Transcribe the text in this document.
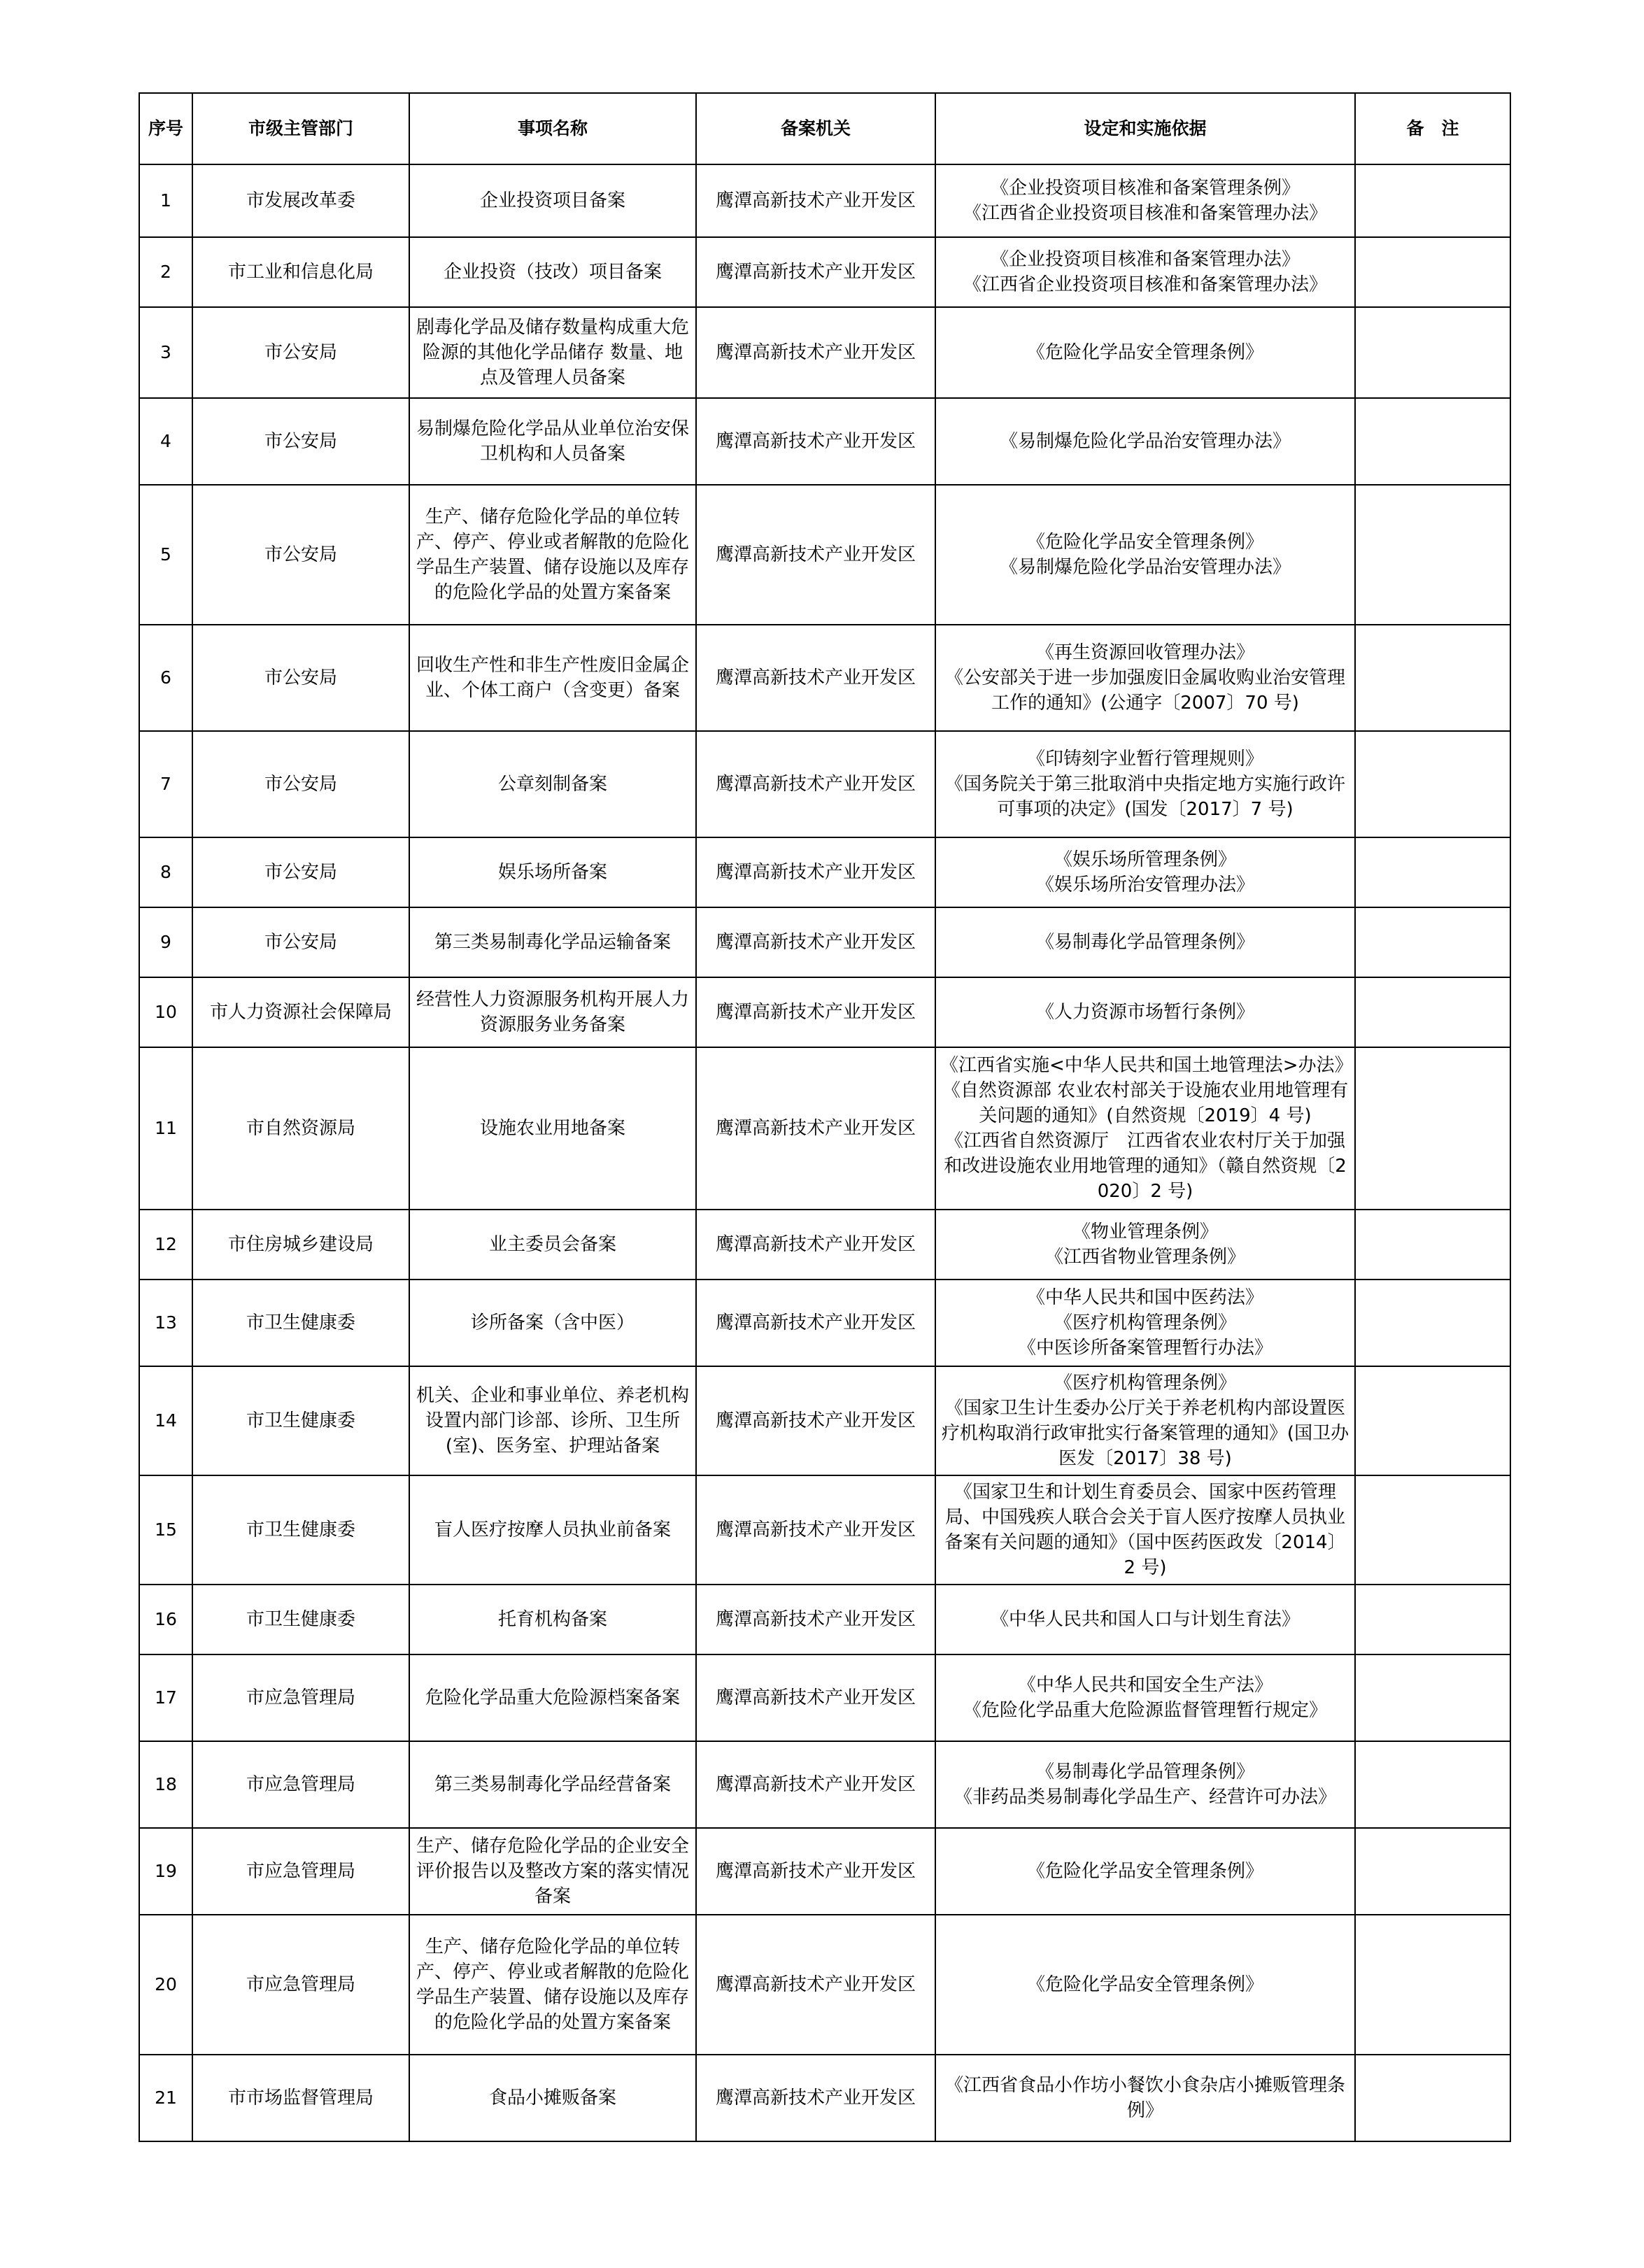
序号	市级主管部门	事项名称	备案机关	设定和实施依据	备　注
1	市发展改革委	企业投资项目备案	鹰潭高新技术产业开发区	《企业投资项目核准和备案管理条例》
《江西省企业投资项目核准和备案管理办法》	

2	市工业和信息化局	企业投资（技改）项目备案	鹰潭高新技术产业开发区	《企业投资项目核准和备案管理办法》
《江西省企业投资项目核准和备案管理办法》	

3	市公安局	剧毒化学品及储存数量构成重大危险源的其他化学品储存 数量、地点及管理人员备案	鹰潭高新技术产业开发区	《危险化学品安全管理条例》	

4	市公安局	易制爆危险化学品从业单位治安保卫机构和人员备案	鹰潭高新技术产业开发区	《易制爆危险化学品治安管理办法》	

5	市公安局	生产、储存危险化学品的单位转产、停产、停业或者解散的危险化学品生产装置、储存设施以及库存的危险化学品的处置方案备案	鹰潭高新技术产业开发区	《危险化学品安全管理条例》
《易制爆危险化学品治安管理办法》	

6	市公安局	回收生产性和非生产性废旧金属企业、个体工商户（含变更）备案	鹰潭高新技术产业开发区	《再生资源回收管理办法》
《公安部关于进一步加强废旧金属收购业治安管理工作的通知》(公通字〔2007〕70 号)	

7	市公安局	公章刻制备案	鹰潭高新技术产业开发区	《印铸刻字业暂行管理规则》
《国务院关于第三批取消中央指定地方实施行政许可事项的决定》(国发〔2017〕7 号)	

8	市公安局	娱乐场所备案	鹰潭高新技术产业开发区	《娱乐场所管理条例》
《娱乐场所治安管理办法》	

9	市公安局	第三类易制毒化学品运输备案	鹰潭高新技术产业开发区	《易制毒化学品管理条例》	

10	市人力资源社会保障局	经营性人力资源服务机构开展人力资源服务业务备案	鹰潭高新技术产业开发区	《人力资源市场暂行条例》	

11	市自然资源局	设施农业用地备案	鹰潭高新技术产业开发区	《江西省实施<中华人民共和国土地管理法>办法》
《自然资源部 农业农村部关于设施农业用地管理有关问题的通知》(自然资规〔2019〕4 号)
《江西省自然资源厅　江西省农业农村厅关于加强和改进设施农业用地管理的通知》（赣自然资规〔2020〕2 号)	

12	市住房城乡建设局	业主委员会备案	鹰潭高新技术产业开发区	《物业管理条例》
《江西省物业管理条例》	

13	市卫生健康委	诊所备案（含中医）	鹰潭高新技术产业开发区	《中华人民共和国中医药法》
《医疗机构管理条例》
《中医诊所备案管理暂行办法》	

14	市卫生健康委	机关、企业和事业单位、养老机构设置内部门诊部、诊所、卫生所(室)、医务室、护理站备案	鹰潭高新技术产业开发区	《医疗机构管理条例》
《国家卫生计生委办公厅关于养老机构内部设置医疗机构取消行政审批实行备案管理的通知》(国卫办医发〔2017〕38 号)	

15	市卫生健康委	盲人医疗按摩人员执业前备案	鹰潭高新技术产业开发区	《国家卫生和计划生育委员会、国家中医药管理局、中国残疾人联合会关于盲人医疗按摩人员执业备案有关问题的通知》（国中医药医政发〔2014〕2 号)	

16	市卫生健康委	托育机构备案	鹰潭高新技术产业开发区	《中华人民共和国人口与计划生育法》	

17	市应急管理局	危险化学品重大危险源档案备案	鹰潭高新技术产业开发区	《中华人民共和国安全生产法》
《危险化学品重大危险源监督管理暂行规定》	

18	市应急管理局	第三类易制毒化学品经营备案	鹰潭高新技术产业开发区	《易制毒化学品管理条例》
《非药品类易制毒化学品生产、经营许可办法》	

19	市应急管理局	生产、储存危险化学品的企业安全评价报告以及整改方案的落实情况备案	鹰潭高新技术产业开发区	《危险化学品安全管理条例》	

20	市应急管理局	生产、储存危险化学品的单位转产、停产、停业或者解散的危险化学品生产装置、储存设施以及库存的危险化学品的处置方案备案	鹰潭高新技术产业开发区	《危险化学品安全管理条例》	

21	市市场监督管理局	食品小摊贩备案	鹰潭高新技术产业开发区	《江西省食品小作坊小餐饮小食杂店小摊贩管理条例》	
